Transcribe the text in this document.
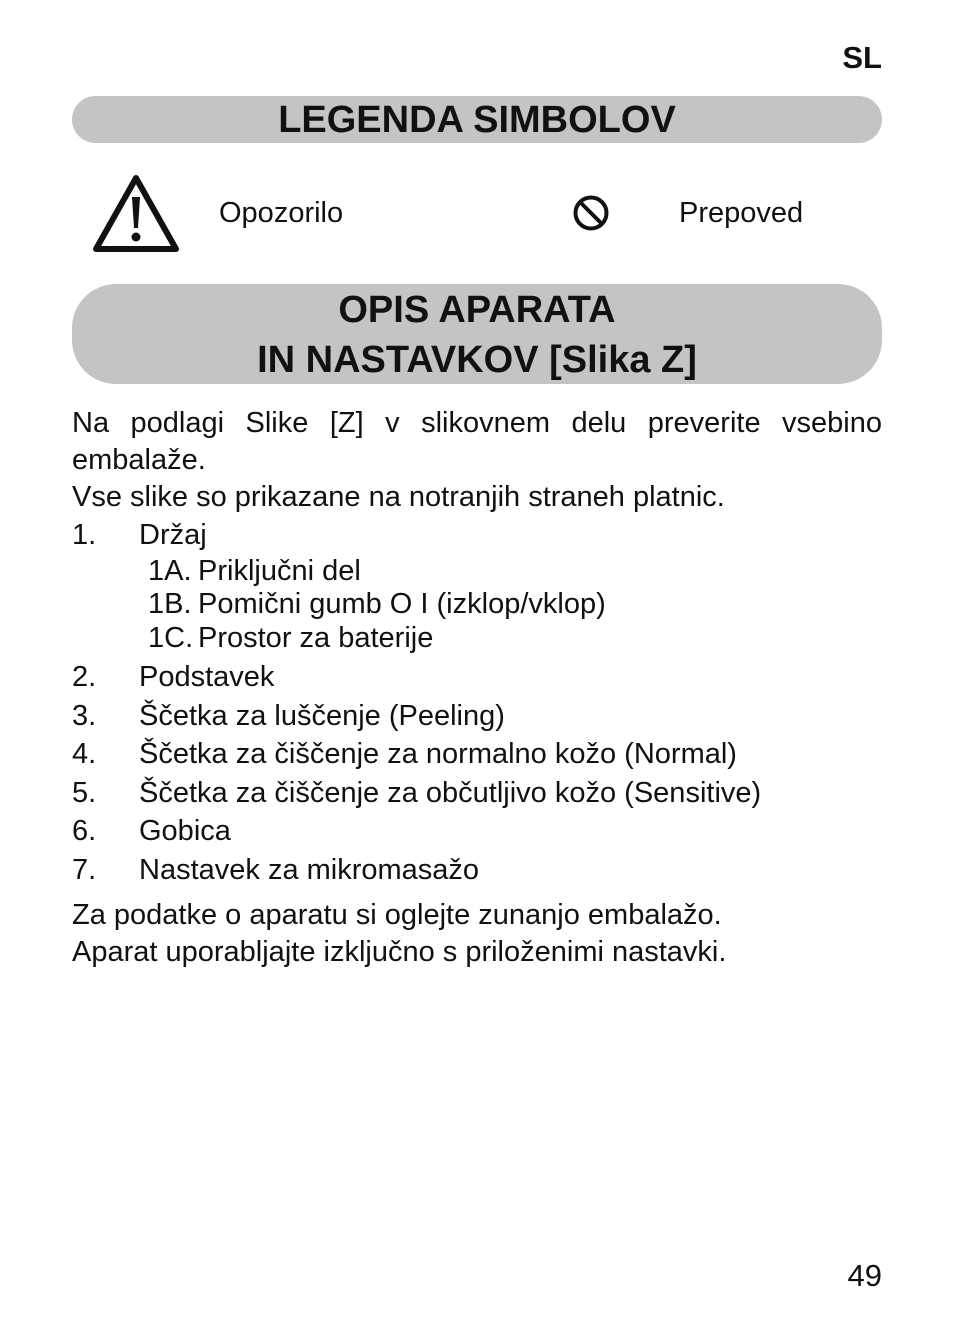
SL
LEGENDA SIMBOLOV
Opozorilo	Prepoved
OPIS APARATA
IN NASTAVKOV [Slika Z]

Na podlagi Slike [Z] v slikovnem delu preverite vsebino embalaže.

Vse slike so prikazane na notranjih straneh platnic.

1. Držaj
1A. Priključni del
1B. Pomični gumb O I (izklop/vklop)
1C. Prostor za baterije
2. Podstavek
3. Ščetka za luščenje (Peeling)
4. Ščetka za čiščenje za normalno kožo (Normal)
5. Ščetka za čiščenje za občutljivo kožo (Sensitive)
6. Gobica
7. Nastavek za mikromasažo

Za podatke o aparatu si oglejte zunanjo embalažo.

Aparat uporabljajte izključno s priloženimi nastavki.

49
